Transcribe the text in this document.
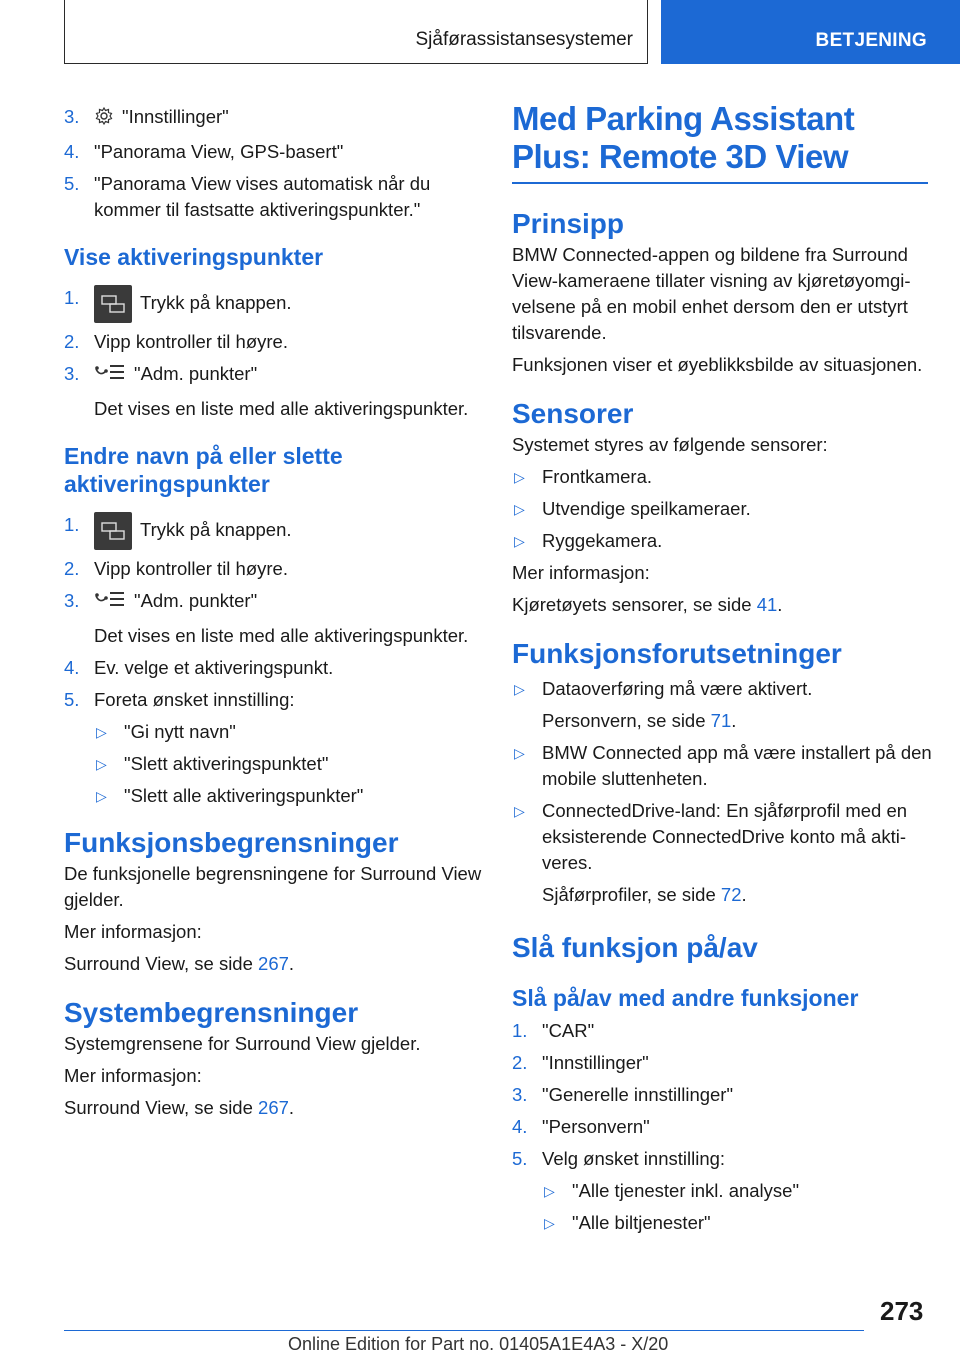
Sjåførassistansesystemer	BETJENING
3. "Innstillinger"
4. "Panorama View, GPS-basert"
5. "Panorama View vises automatisk når du kommer til fastsatte aktiveringspunkter."
Vise aktiveringspunkter
1.	Trykk på knappen.
2. Vipp kontroller til høyre.
3.	"Adm. punkter"
Det vises en liste med alle aktiveringspunkter.
Endre navn på eller slette aktiveringspunkter
1.	Trykk på knappen.
2. Vipp kontroller til høyre.
3.	"Adm. punkter"
Det vises en liste med alle aktiveringspunkter.
4. Ev. velge et aktiveringspunkt.
5. Foreta ønsket innstilling:
▷ "Gi nytt navn"
▷ "Slett aktiveringspunktet"
▷ "Slett alle aktiveringspunkter"
Funksjonsbegrensninger

De funksjonelle begrensningene for Surround View gjelder.

Mer informasjon:

Surround View, se side 267.

Systembegrensninger

Systemgrensene for Surround View gjelder.

Mer informasjon:

Surround View, se side 267.

Med Parking Assistant Plus: Remote 3D View
Prinsipp

BMW Connected-appen og bildene fra Surround View-kameraene tillater visning av kjøretøyomgivelsene på en mobil enhet dersom den er utstyrt tilsvarende.

Funksjonen viser et øyeblikksbilde av situasjonen.

Sensorer

Systemet styres av følgende sensorer:

▷ Frontkamera.
▷ Utvendige speilkameraer.
▷ Ryggekamera.

Mer informasjon:

Kjøretøyets sensorer, se side 41.

Funksjonsforutsetninger
▷ Dataoverføring må være aktivert.
Personvern, se side 71.
▷ BMW Connected app må være installert på den mobile sluttenheten.
▷ ConnectedDrive-land: En sjåførprofil med en eksisterende ConnectedDrive konto må aktiveres.
Sjåførprofiler, se side 72.
Slå funksjon på/av
Slå på/av med andre funksjoner
1. "CAR"
2. "Innstillinger"
3. "Generelle innstillinger"
4. "Personvern"
5. Velg ønsket innstilling:
▷ "Alle tjenester inkl. analyse"
▷ "Alle biltjenester"
273
Online Edition for Part no. 01405A1E4A3 - X/20
